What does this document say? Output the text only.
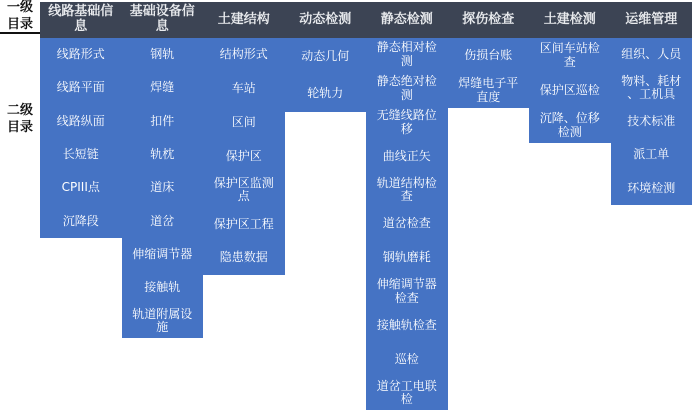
一级目录
二级目录
线路基础信息
线路形式
线路平面
线路纵面
长短链
CPIII点
沉降段
基础设备信息
钢轨
焊缝
扣件
轨枕
道床
道岔
伸缩调节器
接触轨
轨道附属设施
土建结构
结构形式
车站
区间
保护区
保护区监测点
保护区工程
隐患数据
动态检测
动态几何
轮轨力
静态检测
静态相对检测
静态绝对检测
无缝线路位移
曲线正矢
轨道结构检查
道岔检查
钢轨磨耗
伸缩调节器检查
接触轨检查
巡检
道岔工电联检
探伤检查
伤损台账
焊缝电子平直度
土建检测
区间车站检查
保护区巡检
沉降、位移检测
运维管理
组织、人员
物料、耗材、工机具
技术标准
派工单
环境检测
